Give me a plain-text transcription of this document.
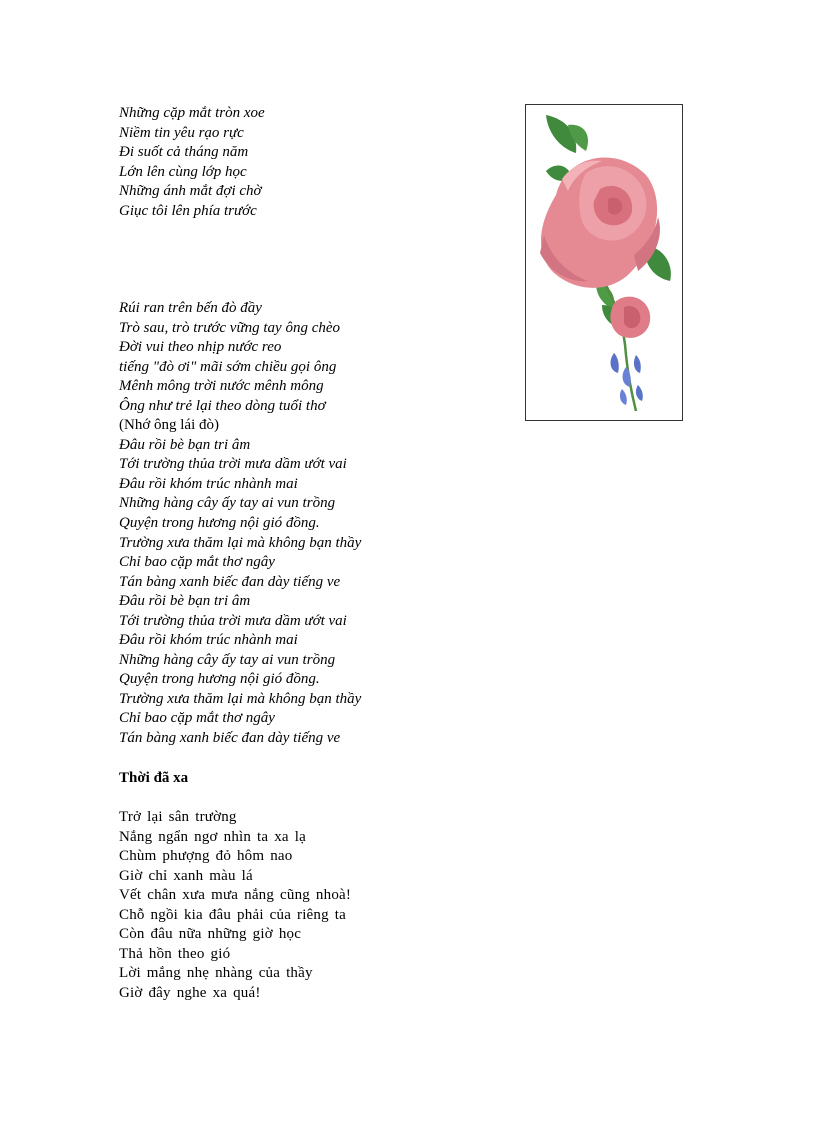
Những cặp mắt tròn xoe
Niềm tin yêu rạo rực
Đi suốt cả tháng năm
Lớn lên cùng lớp học
Những ánh mắt đợi chờ
Giục tôi lên phía trước
Rúi ran trên bến đò đầy
Trò sau, trò trước vững tay ông chèo
Đời vui theo nhịp nước reo
tiếng "đò ơi" mãi sớm chiều gọi ông
Mênh mông trời nước mênh mông
Ông như trẻ lại theo dòng tuổi thơ
(Nhớ ông lái đò)
Đâu rồi bè bạn tri âm
Tới trường thủa trời mưa dầm ướt vai
Đâu rồi khóm trúc nhành mai
Những hàng cây ấy tay ai vun trồng
Quyện trong hương nội gió đồng.
Trường xưa thăm lại mà không bạn thầy
Chỉ bao cặp mắt thơ ngây
Tán bàng xanh biếc đan dày tiếng ve
Đâu rồi bè bạn tri âm
Tới trường thủa trời mưa dầm ướt vai
Đâu rồi khóm trúc nhành mai
Những hàng cây ấy tay ai vun trồng
Quyện trong hương nội gió đồng.
Trường xưa thăm lại mà không bạn thầy
Chỉ bao cặp mắt thơ ngây
Tán bàng xanh biếc đan dày tiếng ve
Thời đã xa
Trở lại sân trường
Nắng ngẩn ngơ nhìn ta xa lạ
Chùm phượng đỏ hôm nao
Giờ chỉ xanh màu lá
Vết chân xưa mưa nắng cũng nhoà!
Chỗ ngồi kia đâu phải của riêng ta
Còn đâu nữa những giờ học
Thả hồn theo gió
Lời mắng nhẹ nhàng của thầy
Giờ đây nghe xa quá!
